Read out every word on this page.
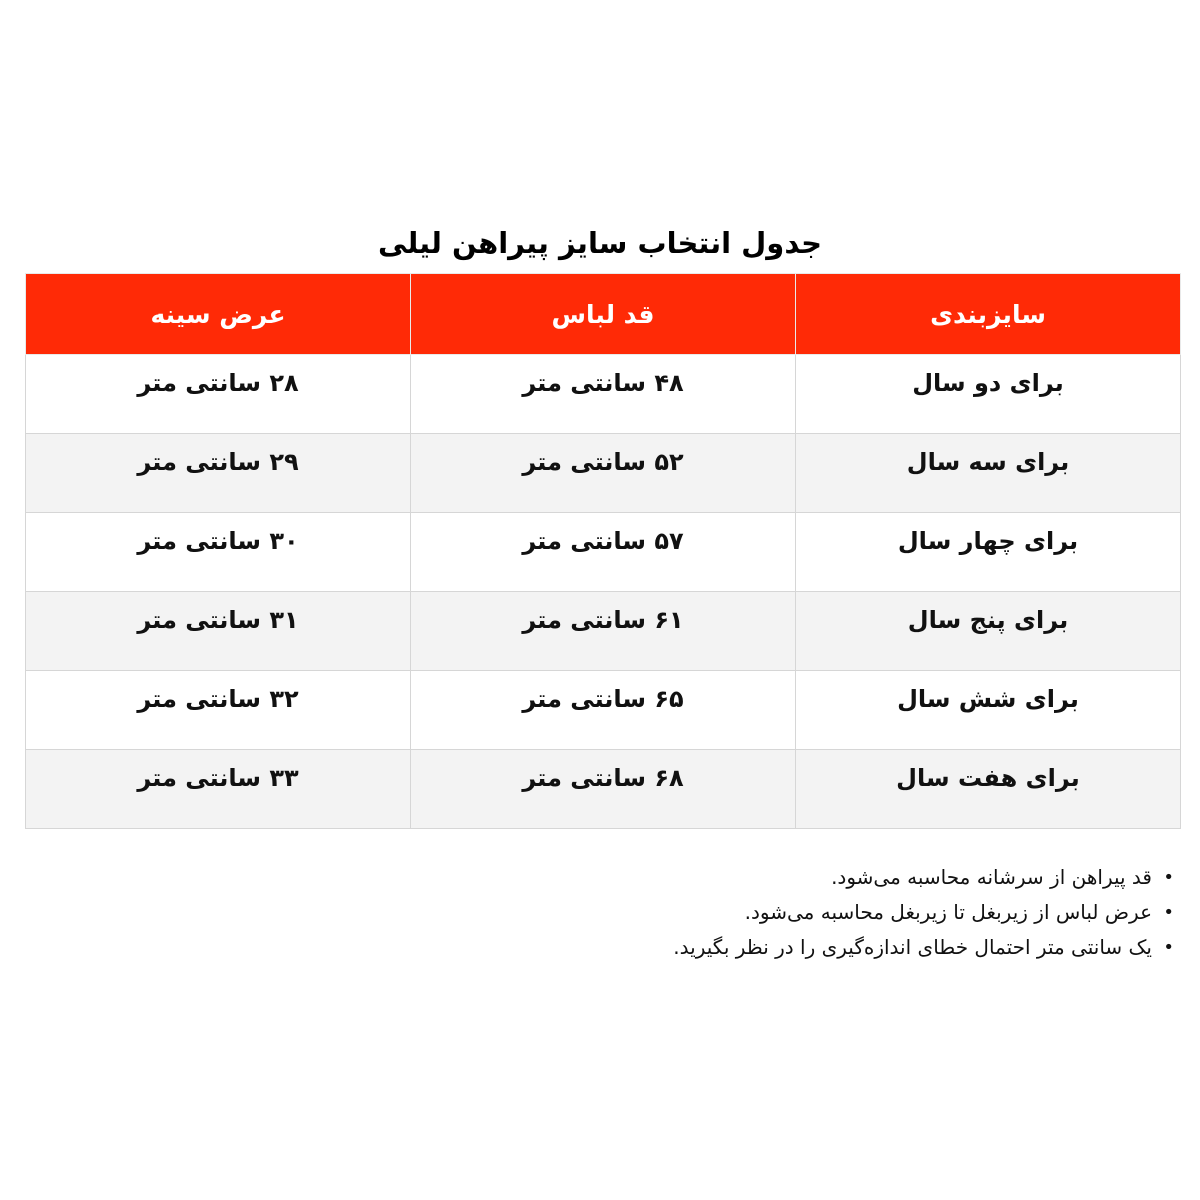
جدول انتخاب سایز پیراهن لیلی
سایزبندی	قد لباس	عرض سینه
برای دو سال	۴۸ سانتی متر	۲۸ سانتی متر
برای سه سال	۵۲ سانتی متر	۲۹ سانتی متر
برای چهار سال	۵۷ سانتی متر	۳۰ سانتی متر
برای پنج سال	۶۱ سانتی متر	۳۱ سانتی متر
برای شش سال	۶۵ سانتی متر	۳۲ سانتی متر
برای هفت سال	۶۸ سانتی متر	۳۳ سانتی متر
•
قد پیراهن از سرشانه محاسبه می‌شود.
•
عرض لباس از زیربغل تا زیربغل محاسبه می‌شود.
•
یک سانتی متر احتمال خطای اندازه‌گیری را در نظر بگیرید.
